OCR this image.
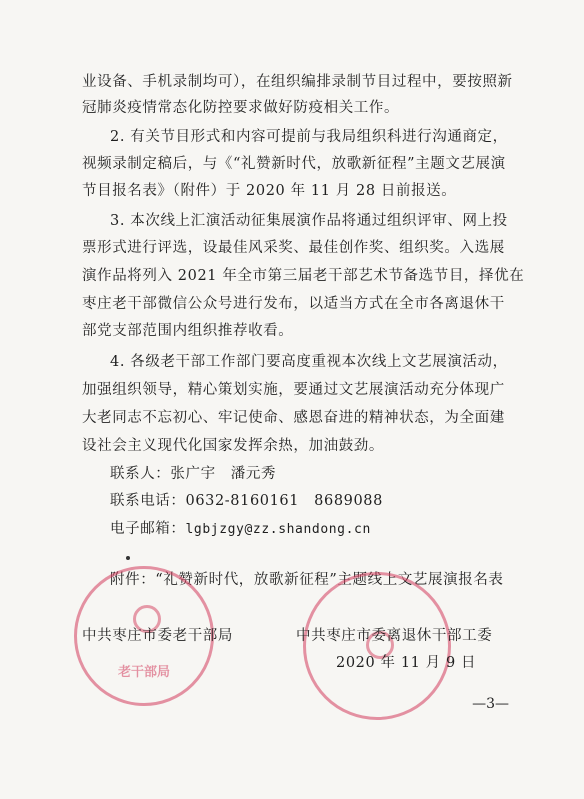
业设备、手机录制均可），在组织编排录制节目过程中，要按照新
冠肺炎疫情常态化防控要求做好防疫相关工作。
2. 有关节目形式和内容可提前与我局组织科进行沟通商定，
视频录制定稿后，与《“礼赞新时代，放歌新征程”主题文艺展演
节目报名表》（附件）于 2020 年 11 月 28 日前报送。
3. 本次线上汇演活动征集展演作品将通过组织评审、网上投
票形式进行评选，设最佳风采奖、最佳创作奖、组织奖。入选展
演作品将列入 2021 年全市第三届老干部艺术节备选节目，择优在
枣庄老干部微信公众号进行发布，以适当方式在全市各离退休干
部党支部范围内组织推荐收看。
4. 各级老干部工作部门要高度重视本次线上文艺展演活动，
加强组织领导，精心策划实施，要通过文艺展演活动充分体现广
大老同志不忘初心、牢记使命、感恩奋进的精神状态，为全面建
设社会主义现代化国家发挥余热，加油鼓劲。
联系人：张广宇　潘元秀
联系电话：0632-8160161　8689088
电子邮箱：lgbjzgy@zz.shandong.cn
附件：“礼赞新时代，放歌新征程”主题线上文艺展演报名表
老干部局
中共枣庄市委老干部局	中共枣庄市委离退休干部工委
2020 年 11 月 9 日
—3—
